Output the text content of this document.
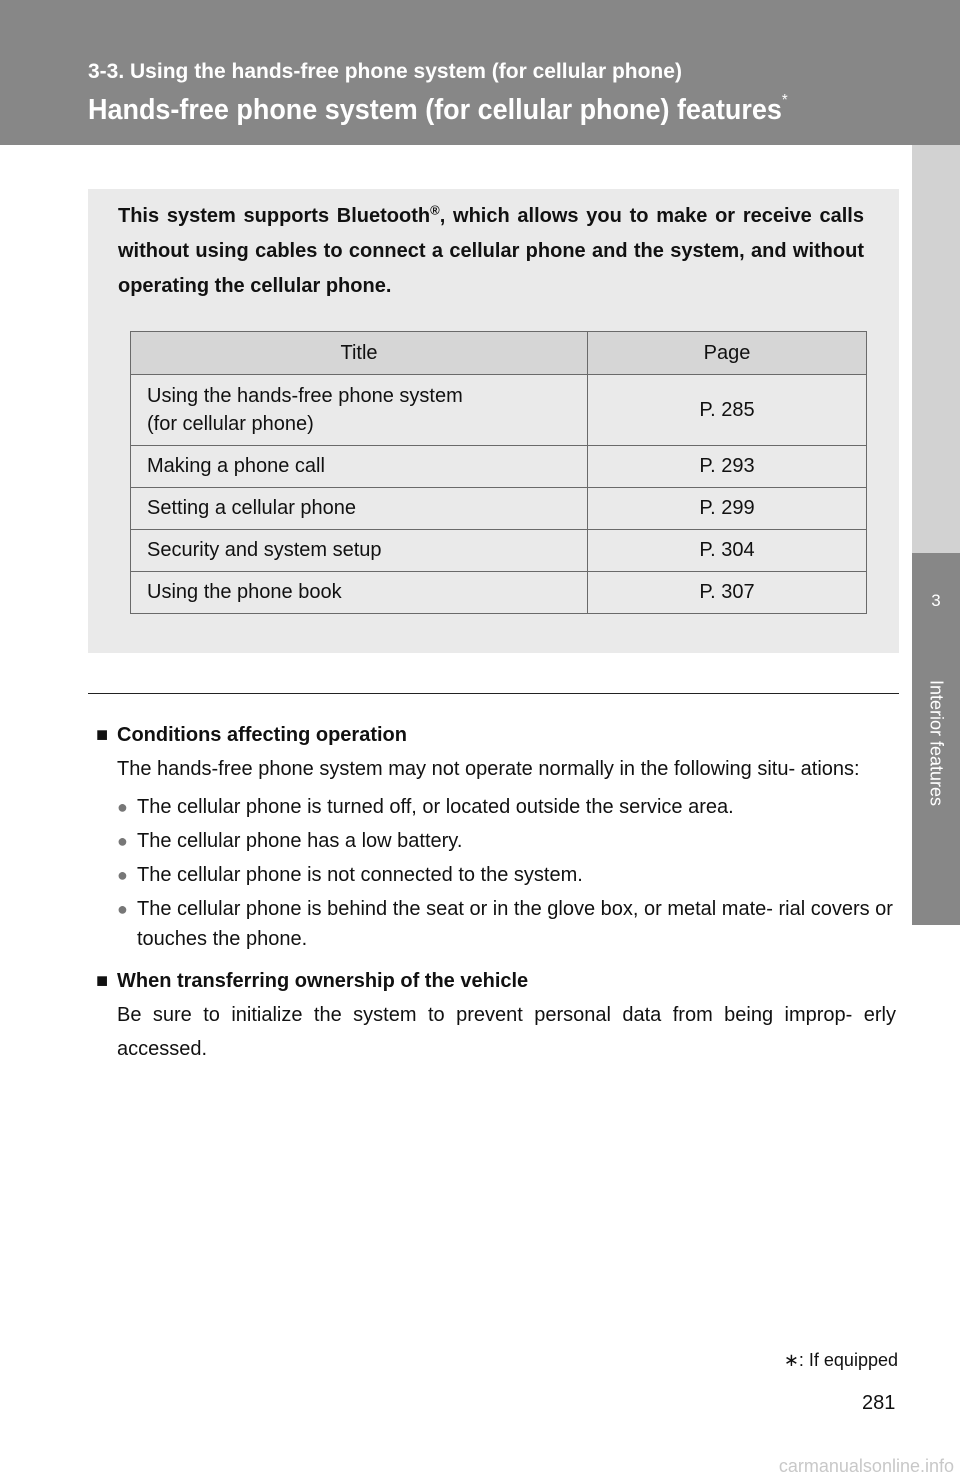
3-3. Using the hands-free phone system (for cellular phone)

Hands-free phone system (for cellular phone) features*
3
Interior features

This system supports Bluetooth®, which allows you to make or receive calls without using cables to connect a cellular phone and the system, and without operating the cellular phone.

Title	Page
Using the hands-free phone system
(for cellular phone)	P. 285
Making a phone call	P. 293
Setting a cellular phone	P. 299
Security and system setup	P. 304
Using the phone book	P. 307

■ Conditions affecting operation

The hands-free phone system may not operate normally in the following situ- ations:

● The cellular phone is turned off, or located outside the service area.
● The cellular phone has a low battery.
● The cellular phone is not connected to the system.
● The cellular phone is behind the seat or in the glove box, or metal mate- rial covers or touches the phone.

■ When transferring ownership of the vehicle

Be sure to initialize the system to prevent personal data from being improp- erly accessed.

∗: If equipped
281
carmanualsonline.info
